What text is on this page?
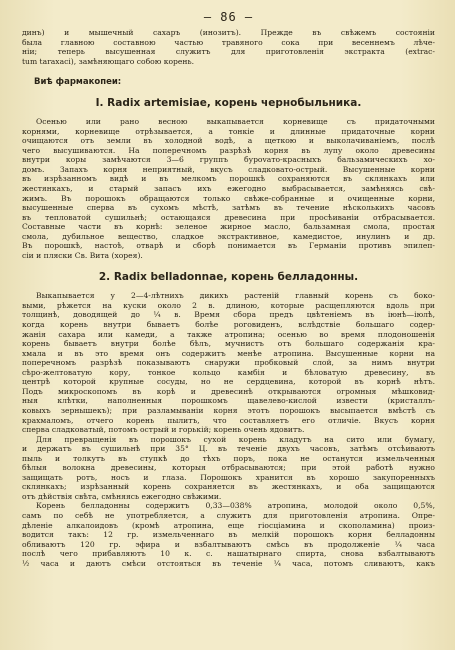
— 86 —
динъ) и мышечный сахаръ (инозитъ). Прежде въ свѣжемъ состояніи
была главною составною частью травяного сока при весеннемъ лѣче-
ніи; теперь высушенная служитъ для приготовленія экстракта (extrac-
tum taraxaci), замѣняющаго собою корень.
Виѣ фармакопеи:
I. Radix artemisiae, корень чернобыльника.
Осенью или рано весною выкапывается корневище съ придаточными
корнями, корневище отрѣзывается, а тонкіе и длинные придаточные корни
очищаются отъ земли въ холодной водѣ, а щеткою и выколачиваніемъ, послѣ
чего высушиваются. На поперечномъ разрѣзѣ корня въ лупу около древесины
внутри коры замѣчаются 3—6 группъ бурovато-красныхъ бальзамическихъ хо-
домъ. Запахъ корня неприятный, вкусъ сладковато-острый. Высушенные корни
въ изрѣзанномъ видѣ и въ мелкомъ порошкѣ сохраняются въ склянкахъ или
жестянкахъ, и старый запасъ ихъ ежегодно выбрасывается, замѣняясь свѣ-
жимъ. Въ порошокъ обращаются только свѣже-собранные и очищенные корни,
высушенные сперва въ сухомъ мѣстѣ, затѣмъ въ течение нѣсколькихъ часовъ
въ тепловатой сушильнѣ; остающаяся древесина при просѣиваніи отбрасывается.
Составные части въ корнѣ: зеленое жирное масло, бальзамная смола, простая
смола, дубильное вещество, сладкое экстрактивное, камедистое, инулинъ и др.
Въ порошкѣ, настоѣ, отварѣ и сборѣ понимается въ Германіи противъ эпилеп-
сіи и пляски Св. Вита (хорея).
2. Radix belladonnae, корень белладонны.
Выкапывается у 2—4-лѣтнихъ дикихъ растеній главный корень съ боко-
выми, рѣжется на куски около 2 в. длиною, которые расщепляются вдоль при
толщинѣ, доводящей до ¼ в. Время сбора предъ цвѣтеніемъ въ іюнѣ—іюлѣ,
когда корень внутри бываетъ болѣе роговиденъ, вслѣдствіе большаго содер-
жанія сахара или камеди, а также атропина; осенью во время плодоношенія
корень бываетъ внутри болѣе бѣлъ, мучнистъ отъ большаго содержанія кра-
хмала и въ это время онъ содержитъ менѣе атропина. Высушенные корни на
поперечномъ разрѣзѣ показываютъ снаружи пробковый слой, за нимъ внутри
сѣро-желтоватую кору, тонкое кольцо камбія и бѣловатую древесину, въ
центрѣ которой крупные сосуды, но не сердцевина, которой въ корнѣ нѣтъ.
Подъ микроскопомъ въ корѣ и древесинѣ открываются огромныя мѣшковид-
ныя клѣтки, наполненныя порошкомъ щавелево-кислой извести (кристаллъ-
ковыхъ зернышекъ); при разламываніи корня этотъ порошокъ высыпается вмѣстѣ съ
крахмаломъ, отчего корень пылитъ, что составляетъ его отличіе. Вкусъ корня
сперва сладковатый, потомъ острый и горькій; корень очень ядовитъ.
Для превращенія въ порошокъ сухой корень кладутъ на сито или бумагу,
и держатъ въ сушильнѣ при 35° Ц. въ теченіе двухъ часовъ, затѣмъ отсѣиваютъ
пыль и толкутъ въ ступкѣ до тѣхъ поръ, пока не останутся измельченныя
бѣлыя волокна древесины, которыя отбрасываются; при этой работѣ нужно
защищать ротъ, носъ и глаза. Порошокъ хранится въ хорошо закупоренныхъ
склянкахъ; изрѣзанный корень сохраняется въ жестянкахъ, и оба защищаются
отъ дѣйствія свѣта, смѣняясь ежегодно свѣжими.
Корень белладонны содержитъ 0,33—038% атропина, молодой около 0,5%,
самъ по себѣ не употребляется, а служитъ для приготовленія атропина. Опре-
дѣленіе алкалоидовъ (кромѣ атропина, еще гіосціамина и скополамина) произ-
водится такъ: 12 гр. измельченнаго въ мелкій порошокъ корня белладонны
обливаютъ 120 гр. эфира и взбалтываютъ смѣсь въ продолженіе ¼ часа
послѣ чего прибавляютъ 10 к. с. нашатырнаго спирта, снова взбалтываютъ
½ часа и даютъ смѣси отстояться въ теченіе ¼ часа, потомъ сливаютъ, какъ
